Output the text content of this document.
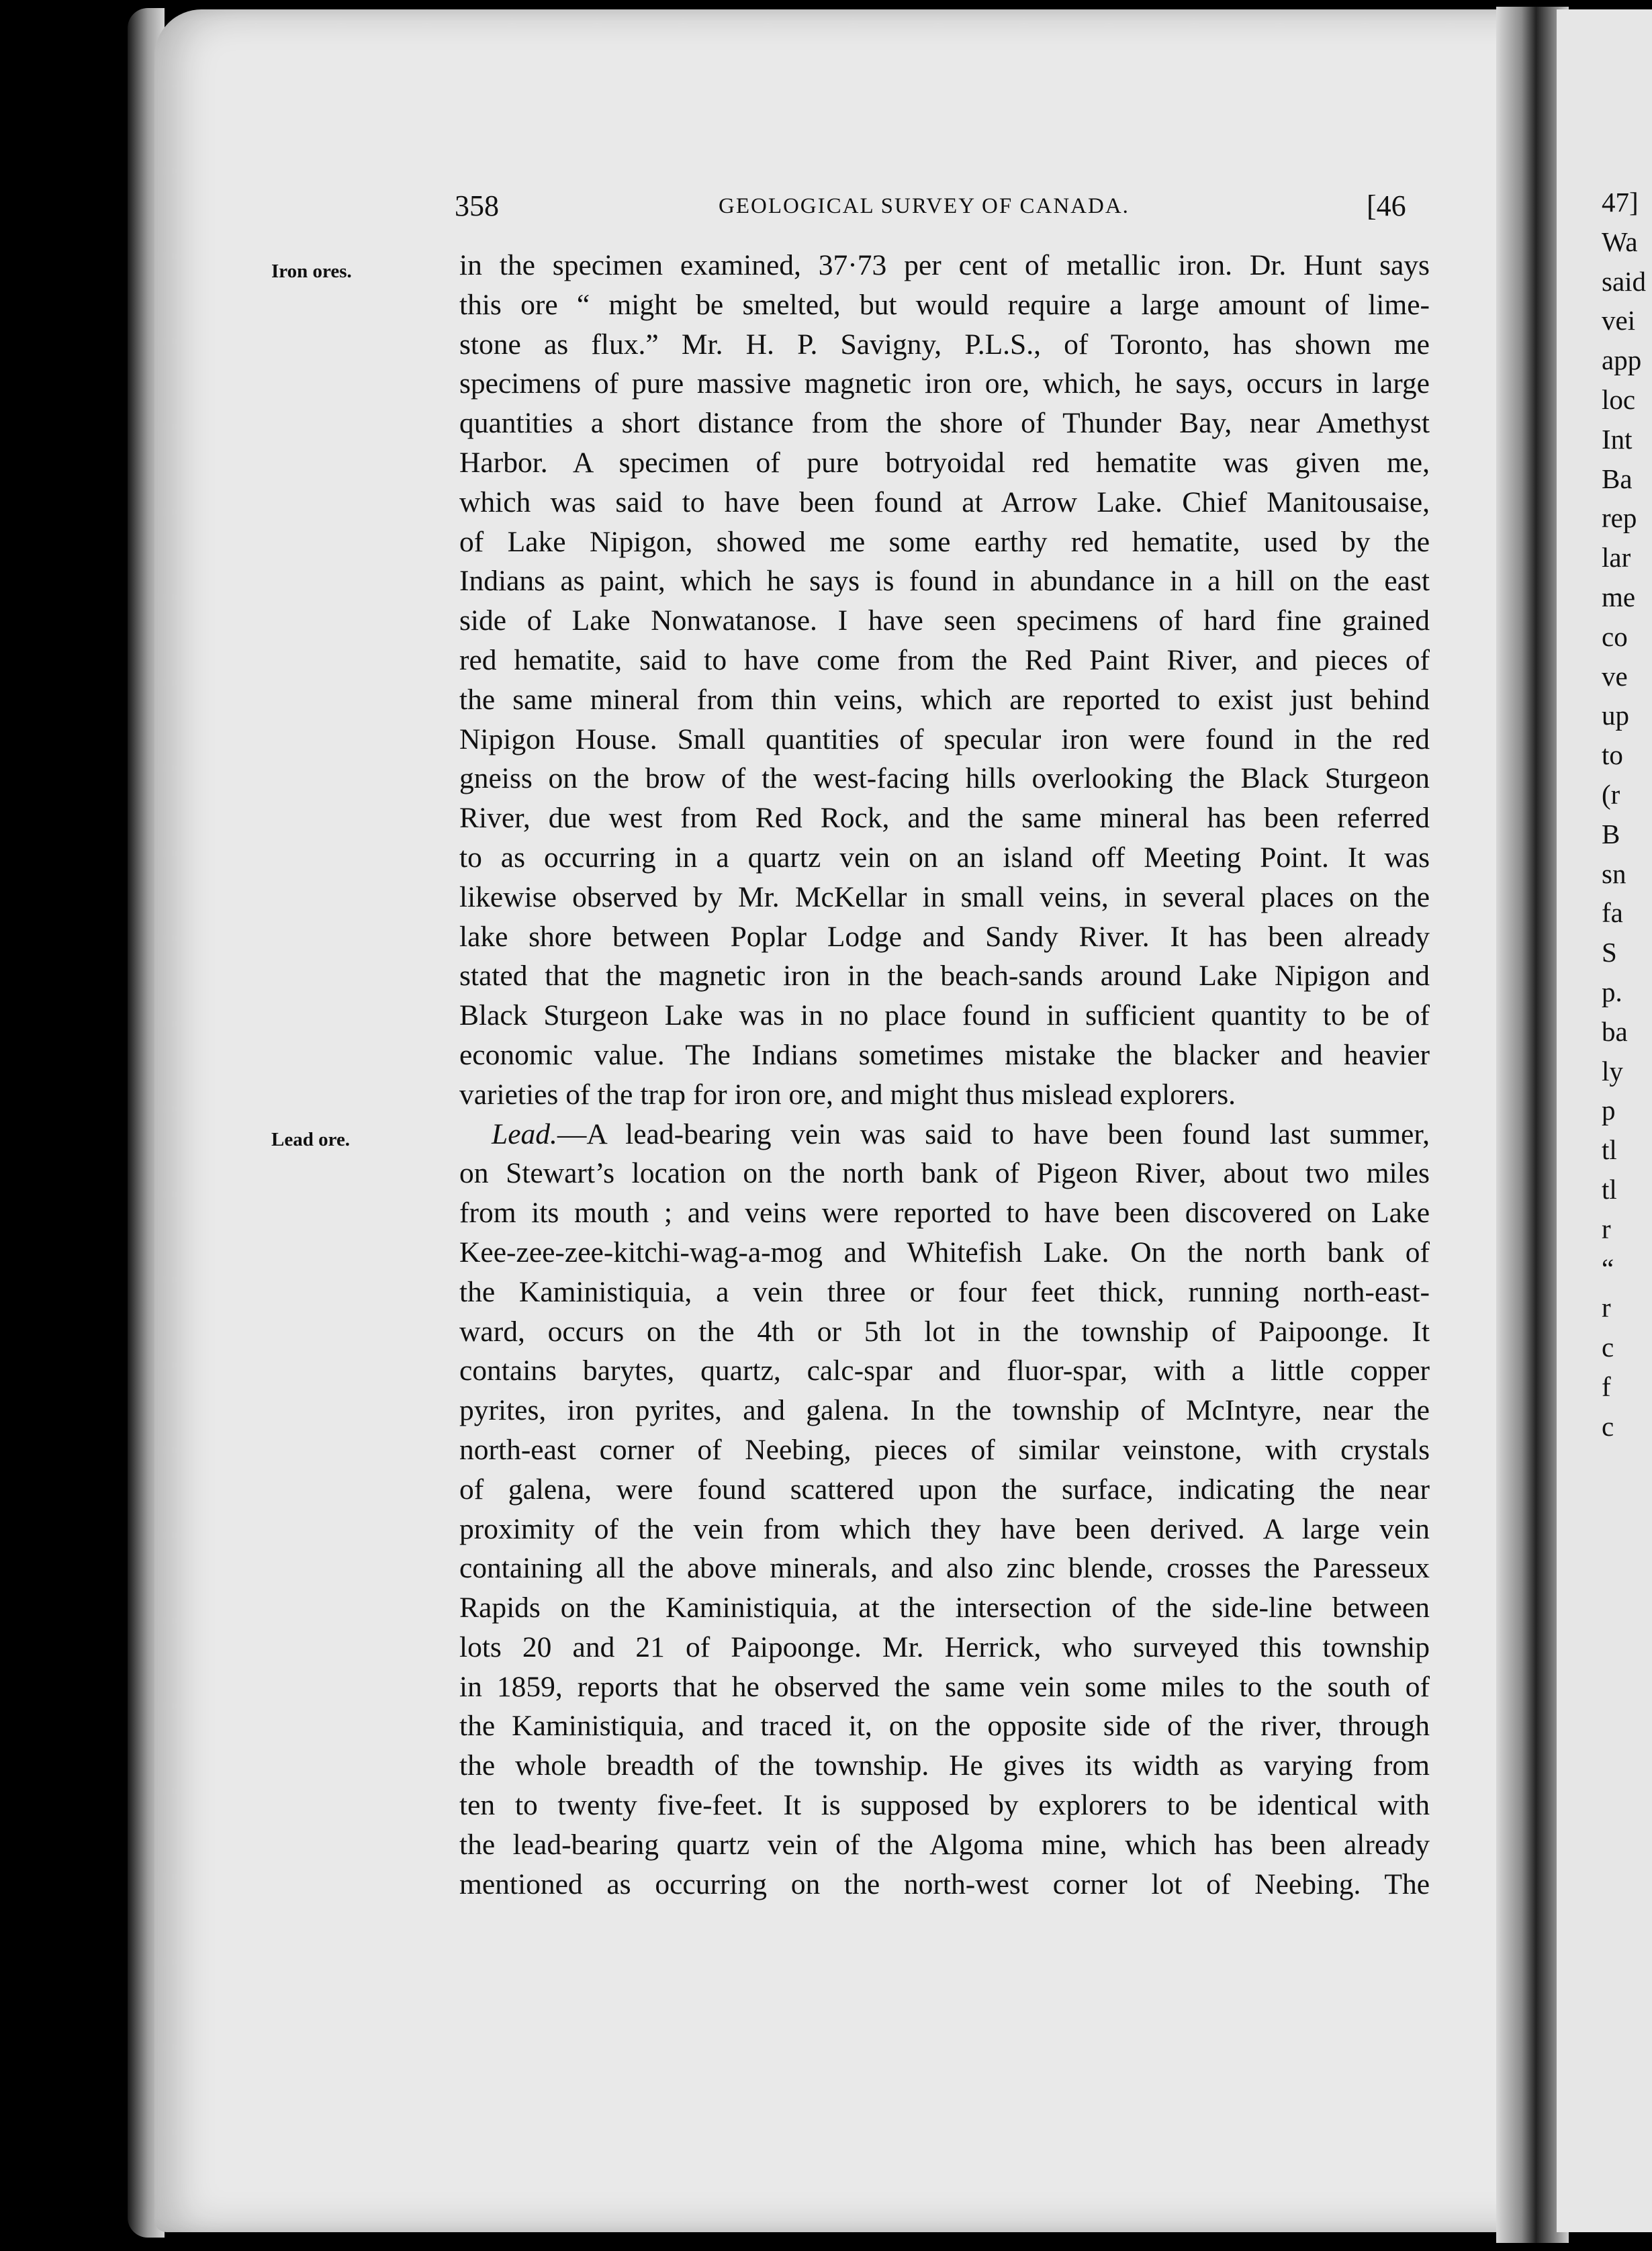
358	GEOLOGICAL SURVEY OF CANADA.	[46

Iron ores.

Lead ore.

in the specimen examined, 37·73 per cent of metallic iron. Dr. Hunt says
this ore “ might be smelted, but would require a large amount of lime-
stone as flux.” Mr. H. P. Savigny, P.L.S., of Toronto, has shown me
specimens of pure massive magnetic iron ore, which, he says, occurs in large
quantities a short distance from the shore of Thunder Bay, near Amethyst
Harbor. A specimen of pure botryoidal red hematite was given me,
which was said to have been found at Arrow Lake. Chief Manitousaise,
of Lake Nipigon, showed me some earthy red hematite, used by the
Indians as paint, which he says is found in abundance in a hill on the east
side of Lake Nonwatanose. I have seen specimens of hard fine grained
red hematite, said to have come from the Red Paint River, and pieces of
the same mineral from thin veins, which are reported to exist just behind
Nipigon House. Small quantities of specular iron were found in the red
gneiss on the brow of the west-facing hills overlooking the Black Sturgeon
River, due west from Red Rock, and the same mineral has been referred
to as occurring in a quartz vein on an island off Meeting Point. It was
likewise observed by Mr. McKellar in small veins, in several places on the
lake shore between Poplar Lodge and Sandy River. It has been already
stated that the magnetic iron in the beach-sands around Lake Nipigon and
Black Sturgeon Lake was in no place found in sufficient quantity to be of
economic value. The Indians sometimes mistake the blacker and heavier
varieties of the trap for iron ore, and might thus mislead explorers.
Lead.—A lead-bearing vein was said to have been found last summer,
on Stewart’s location on the north bank of Pigeon River, about two miles
from its mouth ; and veins were reported to have been discovered on Lake
Kee-zee-zee-kitchi-wag-a-mog and Whitefish Lake. On the north bank of
the Kaministiquia, a vein three or four feet thick, running north-east-
ward, occurs on the 4th or 5th lot in the township of Paipoonge. It
contains barytes, quartz, calc-spar and fluor-spar, with a little copper
pyrites, iron pyrites, and galena. In the township of McIntyre, near the
north-east corner of Neebing, pieces of similar veinstone, with crystals
of galena, were found scattered upon the surface, indicating the near
proximity of the vein from which they have been derived. A large vein
containing all the above minerals, and also zinc blende, crosses the Paresseux
Rapids on the Kaministiquia, at the intersection of the side-line between
lots 20 and 21 of Paipoonge. Mr. Herrick, who surveyed this township
in 1859, reports that he observed the same vein some miles to the south of
the Kaministiquia, and traced it, on the opposite side of the river, through
the whole breadth of the township. He gives its width as varying from
ten to twenty five-feet. It is supposed by explorers to be identical with
the lead-bearing quartz vein of the Algoma mine, which has been already
mentioned as occurring on the north-west corner lot of Neebing. The
47]
Wa
said
vei
app
loc
Int
Ba
rep
lar
me
co
ve
up
to
(r
B
sn
fa
S
p.
ba
ly
p
tl
tl
r
“
r
c
f
c
